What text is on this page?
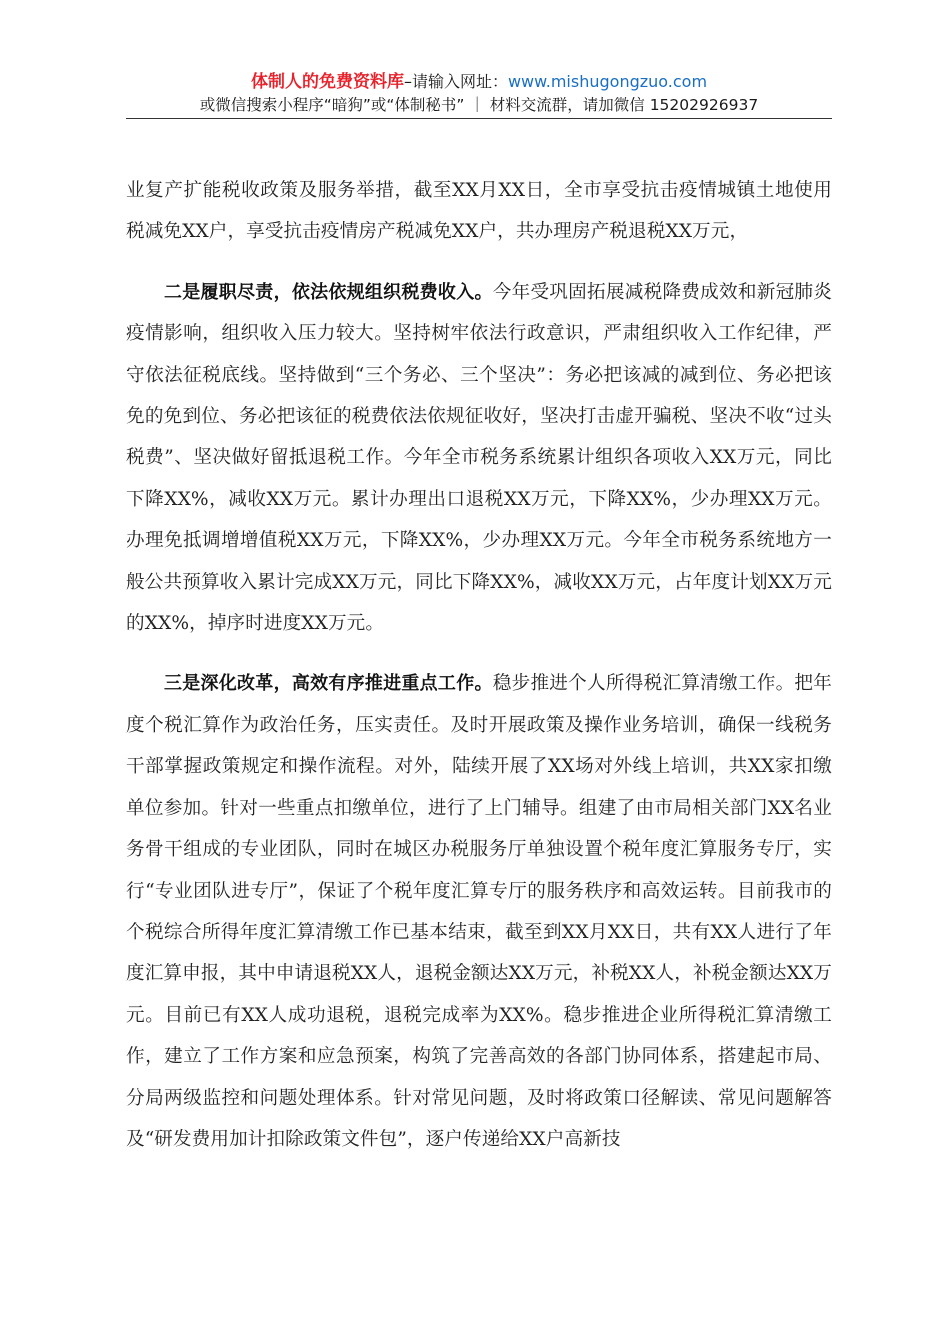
体制人的免费资料库–请输入网址：www.mishugongzuo.com
或微信搜索小程序“暗狗”或“体制秘书” ｜ 材料交流群，请加微信 15202926937

业复产扩能税收政策及服务举措，截至XX月XX日，全市享受抗击疫情城镇土地使用税减免XX户，享受抗击疫情房产税减免XX户，共办理房产税退税XX万元，

二是履职尽责，依法依规组织税费收入。今年受巩固拓展减税降费成效和新冠肺炎疫情影响，组织收入压力较大。坚持树牢依法行政意识，严肃组织收入工作纪律，严守依法征税底线。坚持做到“三个务必、三个坚决”：务必把该减的减到位、务必把该免的免到位、务必把该征的税费依法依规征收好，坚决打击虚开骗税、坚决不收“过头税费”、坚决做好留抵退税工作。今年全市税务系统累计组织各项收入XX万元，同比下降XX%，减收XX万元。累计办理出口退税XX万元，下降XX%，少办理XX万元。办理免抵调增增值税XX万元，下降XX%，少办理XX万元。今年全市税务系统地方一般公共预算收入累计完成XX万元，同比下降XX%，减收XX万元，占年度计划XX万元的XX%，掉序时进度XX万元。

三是深化改革，高效有序推进重点工作。稳步推进个人所得税汇算清缴工作。把年度个税汇算作为政治任务，压实责任。及时开展政策及操作业务培训，确保一线税务干部掌握政策规定和操作流程。对外，陆续开展了XX场对外线上培训，共XX家扣缴单位参加。针对一些重点扣缴单位，进行了上门辅导。组建了由市局相关部门XX名业务骨干组成的专业团队，同时在城区办税服务厅单独设置个税年度汇算服务专厅，实行“专业团队进专厅”，保证了个税年度汇算专厅的服务秩序和高效运转。目前我市的个税综合所得年度汇算清缴工作已基本结束，截至到XX月XX日，共有XX人进行了年度汇算申报，其中申请退税XX人，退税金额达XX万元，补税XX人，补税金额达XX万元。目前已有XX人成功退税，退税完成率为XX%。稳步推进企业所得税汇算清缴工作，建立了工作方案和应急预案，构筑了完善高效的各部门协同体系，搭建起市局、分局两级监控和问题处理体系。针对常见问题，及时将政策口径解读、常见问题解答及“研发费用加计扣除政策文件包”，逐户传递给XX户高新技
